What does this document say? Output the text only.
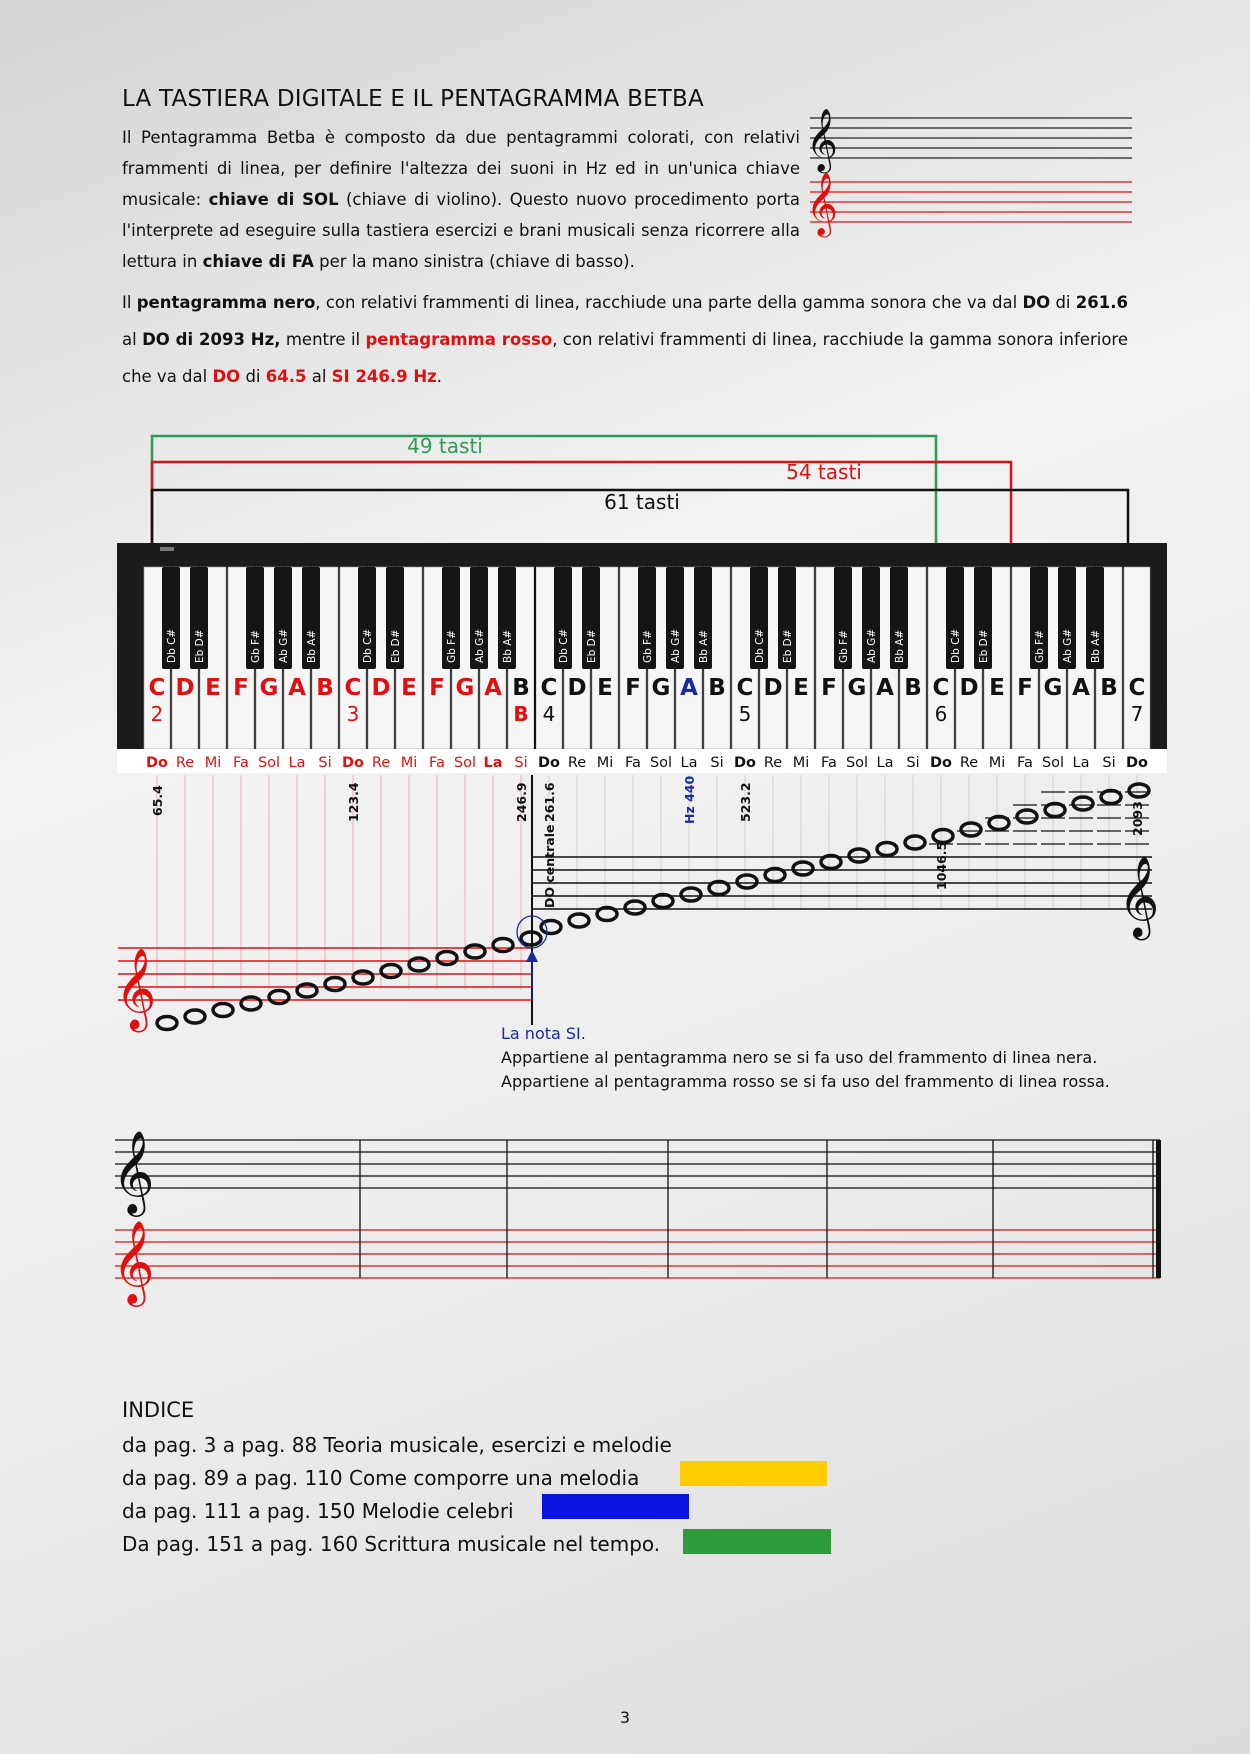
LA TASTIERA DIGITALE E IL PENTAGRAMMA BETBA
𝄞
𝄞
Il Pentagramma Betba è composto da due pentagrammi colorati, con relativi frammenti di linea, per definire l'altezza dei suoni in Hz ed in un'unica chiave musicale: chiave di SOL (chiave di violino). Questo nuovo procedimento porta l'interprete ad eseguire sulla tastiera esercizi e brani musicali senza ricorrere alla lettura in chiave di FA per la mano sinistra (chiave di basso).
Il pentagramma nero, con relativi frammenti di linea, racchiude una parte della gamma sonora che va dal DO di 261.6 al DO di 2093 Hz, mentre il pentagramma rosso, con relativi frammenti di linea, racchiude la gamma sonora inferiore che va dal DO di 64.5 al SI 246.9 Hz.
49 tasti
54 tasti
61 tasti
Db C# Eb D#	Gb F# Ab G# Bb A#	Db C# Eb D#	Gb F# Ab G# Bb A#	Db C# Eb D#	Gb F# Ab G# Bb A#	Db C# Eb D#	Gb F# Ab G# Bb A#	Db C# Eb D#	Gb F# Ab G# Bb A#
C D E F G A B C D E F G A B C D E F G A B C D E F G A B C D E F G A B C
2	3	4	5	6	7
B
Do Re Mi Fa Sol La Si Do Re Mi Fa Sol La Si Do Re Mi Fa Sol La Si Do Re Mi Fa Sol La Si Do Re Mi Fa Sol La Si Do
𝄞
𝄞
65.4	123.4	246.9 261.6
DO centrale
Hz 440	523.2
1046.5
2093
La nota SI.
Appartiene al pentagramma nero se si fa uso del frammento di linea nera.
Appartiene al pentagramma rosso se si fa uso del frammento di linea rossa.
𝄞
𝄞
INDICE
da pag. 3 a pag. 88 Teoria musicale, esercizi e melodie
da pag. 89 a pag. 110 Come comporre una melodia
da pag. 111 a pag. 150 Melodie celebri
Da pag. 151 a pag. 160 Scrittura musicale nel tempo.
3
